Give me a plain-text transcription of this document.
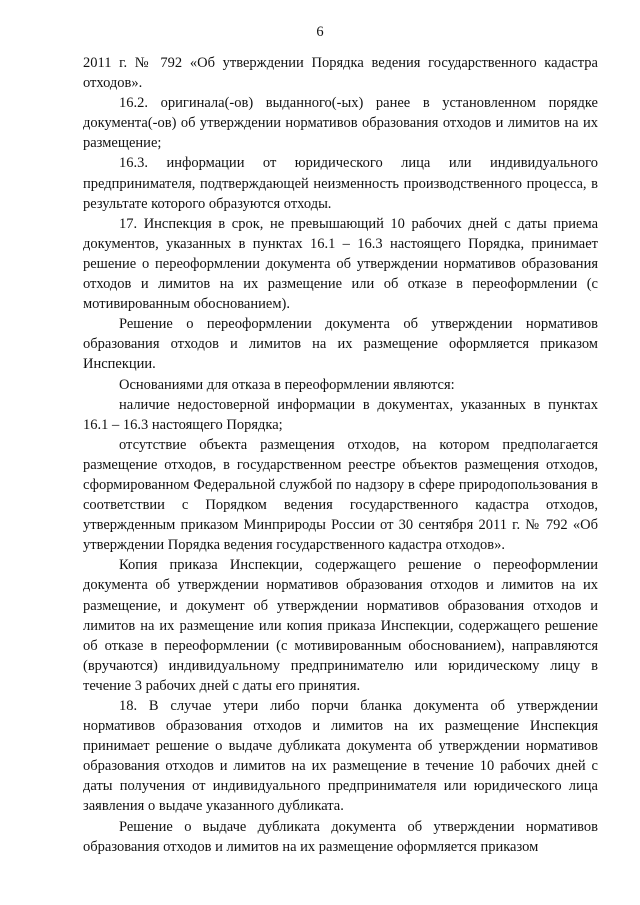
6

2011 г. № 792 «Об утверждении Порядка ведения государственного кадастра отходов».

16.2. оригинала(-ов) выданного(-ых) ранее в установленном порядке документа(-ов) об утверждении нормативов образования отходов и лимитов на их размещение;

16.3. информации от юридического лица или индивидуального предпринимателя, подтверждающей неизменность производственного процесса, в результате которого образуются отходы.

17. Инспекция в срок, не превышающий 10 рабочих дней с даты приема документов, указанных в пунктах 16.1 – 16.3 настоящего Порядка, принимает решение о переоформлении документа об утверждении нормативов образования отходов и лимитов на их размещение или об отказе в переоформлении (с мотивированным обоснованием).

Решение о переоформлении документа об утверждении нормативов образования отходов и лимитов на их размещение оформляется приказом Инспекции.

Основаниями для отказа в переоформлении являются:

наличие недостоверной информации в документах, указанных в пунктах 16.1 – 16.3 настоящего Порядка;

отсутствие объекта размещения отходов, на котором предполагается размещение отходов, в государственном реестре объектов размещения отходов, сформированном Федеральной службой по надзору в сфере природопользования в соответствии с Порядком ведения государственного кадастра отходов, утвержденным приказом Минприроды России от 30 сентября 2011 г. № 792 «Об утверждении Порядка ведения государственного кадастра отходов».

Копия приказа Инспекции, содержащего решение о переоформлении документа об утверждении нормативов образования отходов и лимитов на их размещение, и документ об утверждении нормативов образования отходов и лимитов на их размещение или копия приказа Инспекции, содержащего решение об отказе в переоформлении (с мотивированным обоснованием), направляются (вручаются) индивидуальному предпринимателю или юридическому лицу в течение 3 рабочих дней с даты его принятия.

18. В случае утери либо порчи бланка документа об утверждении нормативов образования отходов и лимитов на их размещение Инспекция принимает решение о выдаче дубликата документа об утверждении нормативов образования отходов и лимитов на их размещение в течение 10 рабочих дней с даты получения от индивидуального предпринимателя или юридического лица заявления о выдаче указанного дубликата.

Решение о выдаче дубликата документа об утверждении нормативов образования отходов и лимитов на их размещение оформляется приказом
